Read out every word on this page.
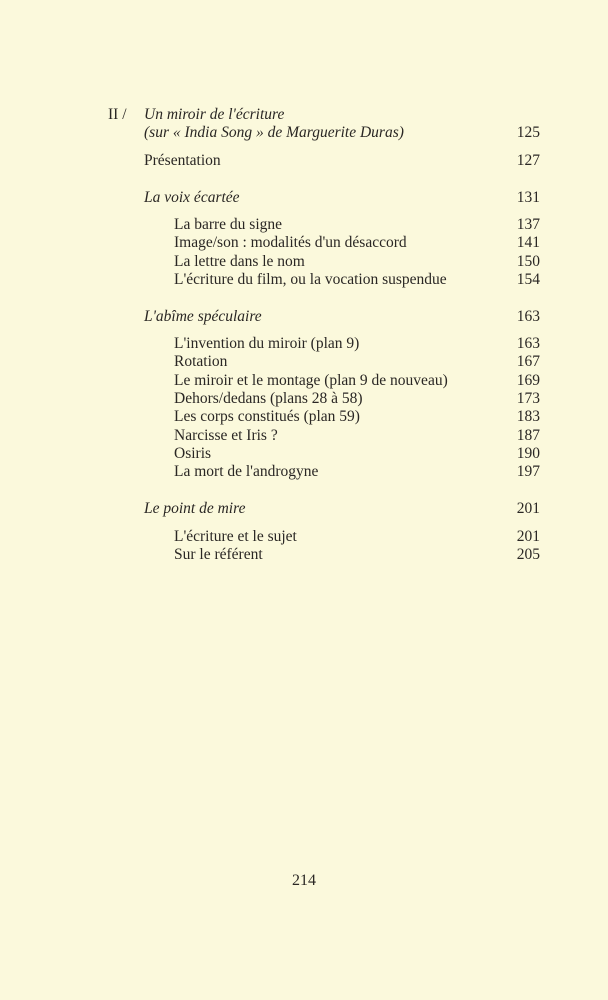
II / Un miroir de l'écriture
(sur « India Song » de Marguerite Duras)	125
Présentation	127
La voix écartée	131
La barre du signe	137
Image/son : modalités d'un désaccord	141
La lettre dans le nom	150
L'écriture du film, ou la vocation suspendue	154
L'abîme spéculaire	163
L'invention du miroir (plan 9)	163
Rotation	167
Le miroir et le montage (plan 9 de nouveau)	169
Dehors/dedans (plans 28 à 58)	173
Les corps constitués (plan 59)	183
Narcisse et Iris ?	187
Osiris	190
La mort de l'androgyne	197
Le point de mire	201
L'écriture et le sujet	201
Sur le référent	205
214
